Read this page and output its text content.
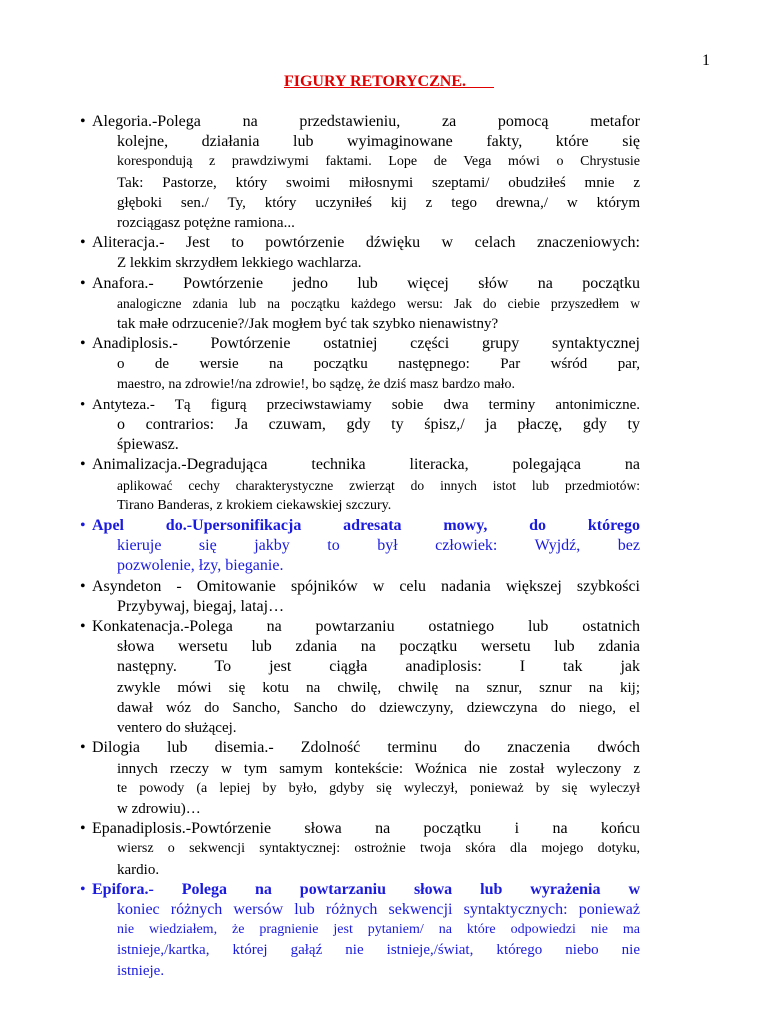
1
FIGURY RETORYCZNE.
• Alegoria.-Polega na przedstawieniu, za pomocą metafor
kolejne, działania lub wyimaginowane fakty, które się
korespondują z prawdziwymi faktami. Lope de Vega mówi o Chrystusie
Tak: Pastorze, który swoimi miłosnymi szeptami/ obudziłeś mnie z
głęboki sen./ Ty, który uczyniłeś kij z tego drewna,/ w którym
rozciągasz potężne ramiona...
• Aliteracja.- Jest to powtórzenie dźwięku w celach znaczeniowych:
Z lekkim skrzydłem lekkiego wachlarza.
• Anafora.- Powtórzenie jedno lub więcej słów na początku
analogiczne zdania lub na początku każdego wersu: Jak do ciebie przyszedłem w
tak małe odrzucenie?/Jak mogłem być tak szybko nienawistny?
• Anadiplosis.- Powtórzenie ostatniej części grupy syntaktycznej
o de wersie na początku następnego: Par wśród par,
maestro, na zdrowie!/na zdrowie!, bo sądzę, że dziś masz bardzo mało.
• Antyteza.- Tą figurą przeciwstawiamy sobie dwa terminy antonimiczne.
o contrarios: Ja czuwam, gdy ty śpisz,/ ja płaczę, gdy ty
śpiewasz.
• Animalizacja.-Degradująca technika literacka, polegająca na
aplikować cechy charakterystyczne zwierząt do innych istot lub przedmiotów:
Tirano Banderas, z krokiem ciekawskiej szczury.
• Apel do.-Upersonifikacja adresata mowy, do którego
kieruje się jakby to był człowiek: Wyjdź, bez
pozwolenie, łzy, bieganie.
• Asyndeton - Omitowanie spójników w celu nadania większej szybkości
Przybywaj, biegaj, lataj…
• Konkatenacja.-Polega na powtarzaniu ostatniego lub ostatnich
słowa wersetu lub zdania na początku wersetu lub zdania
następny. To jest ciągła anadiplosis: I tak jak
zwykle mówi się kotu na chwilę, chwilę na sznur, sznur na kij;
dawał wóz do Sancho, Sancho do dziewczyny, dziewczyna do niego, el
ventero do służącej.
• Dilogia lub disemia.- Zdolność terminu do znaczenia dwóch
innych rzeczy w tym samym kontekście: Woźnica nie został wyleczony z
te powody (a lepiej by było, gdyby się wyleczył, ponieważ by się wyleczył
w zdrowiu)…
• Epanadiplosis.-Powtórzenie słowa na początku i na końcu
wiersz o sekwencji syntaktycznej: ostrożnie twoja skóra dla mojego dotyku,
kardio.
• Epifora.- Polega na powtarzaniu słowa lub wyrażenia w
koniec różnych wersów lub różnych sekwencji syntaktycznych: ponieważ
nie wiedziałem, że pragnienie jest pytaniem/ na które odpowiedzi nie ma
istnieje,/kartka, której gałąź nie istnieje,/świat, którego niebo nie
istnieje.
